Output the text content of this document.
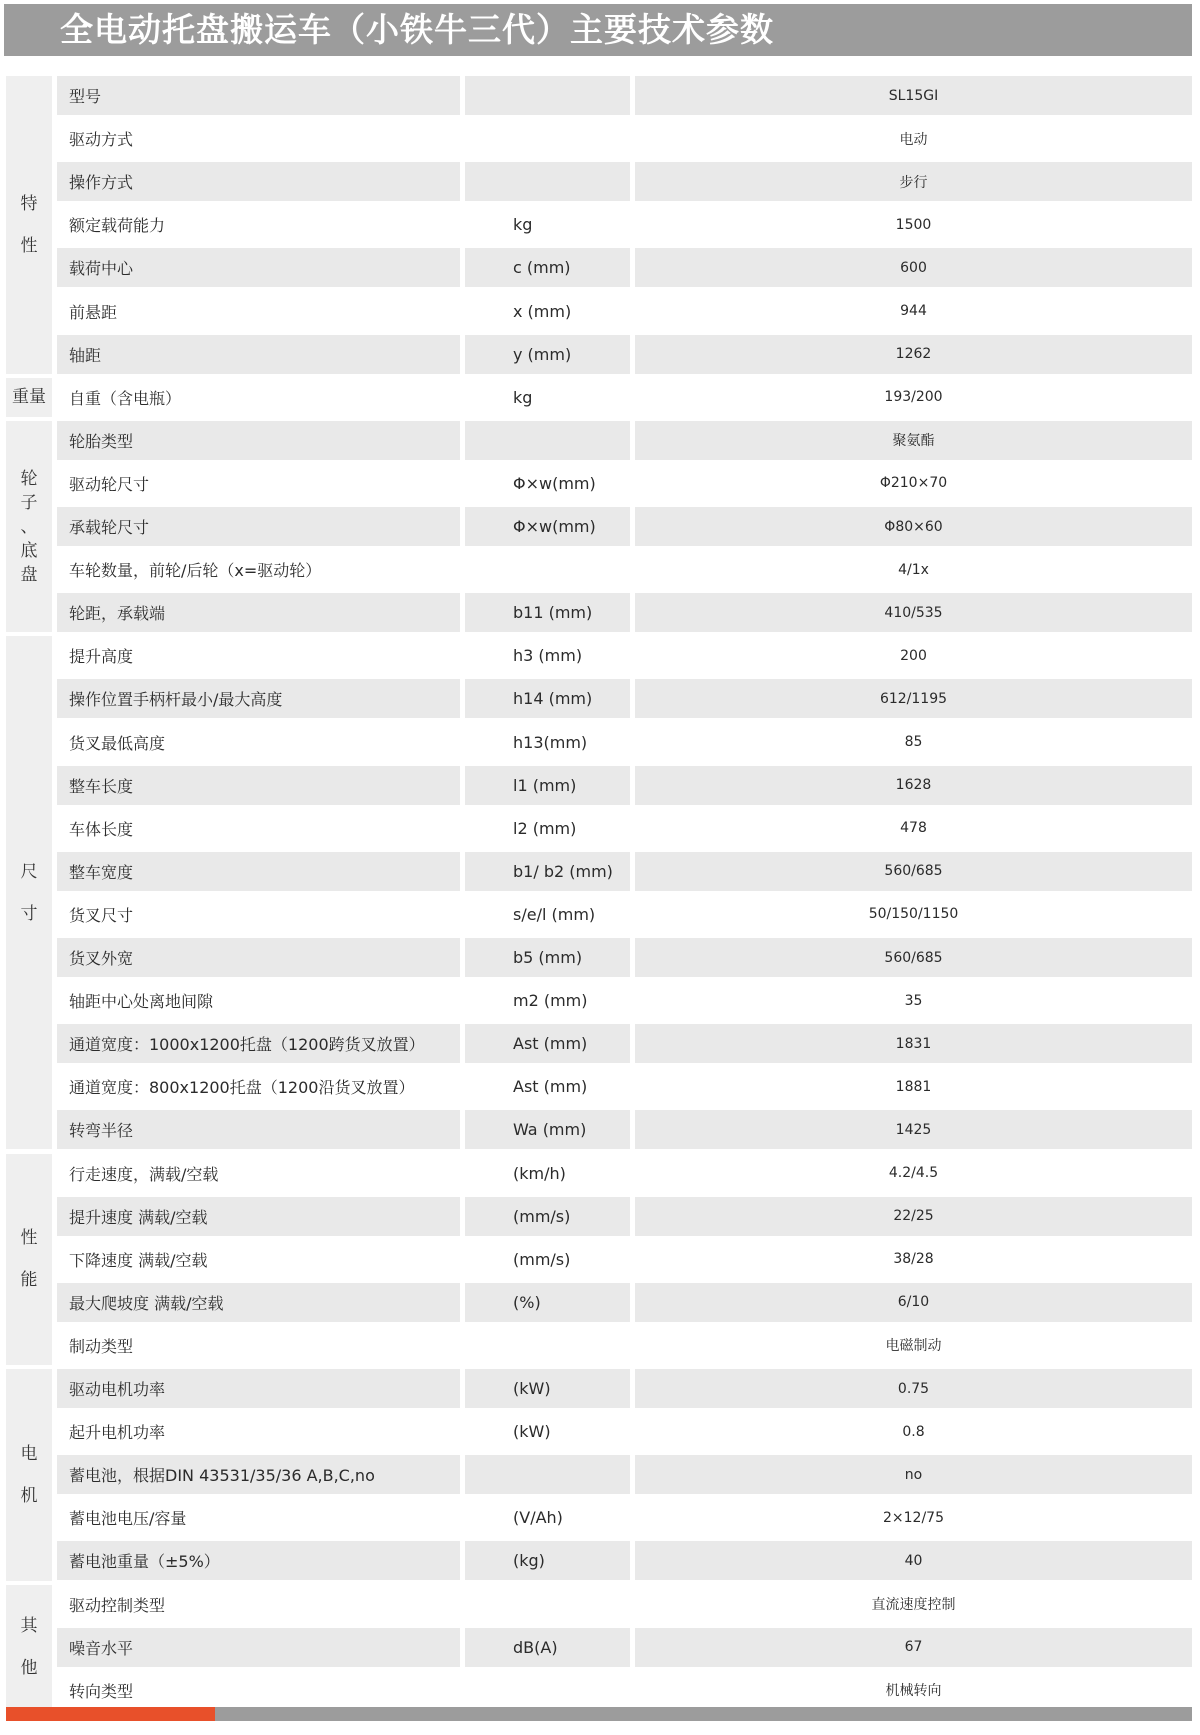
全电动托盘搬运车（小铁牛三代）主要技术参数
特
性
型号	SL15GI
驱动方式	电动
操作方式	步行
额定载荷能力	kg	1500
载荷中心	c (mm)	600
前悬距	x (mm)	944
轴距	y (mm)	1262
重量	自重（含电瓶）	kg	193/200
轮
子
、
底
盘
轮胎类型	聚氨酯
驱动轮尺寸	Φ×w(mm)	Φ210×70
承载轮尺寸	Φ×w(mm)	Φ80×60
车轮数量，前轮/后轮（x=驱动轮）	4/1x
轮距，承载端	b11 (mm)	410/535
尺
寸
提升高度	h3 (mm)	200
操作位置手柄杆最小/最大高度	h14 (mm)	612/1195
货叉最低高度	h13(mm)	85
整车长度	l1 (mm)	1628
车体长度	l2 (mm)	478
整车宽度	b1/ b2 (mm)	560/685
货叉尺寸	s/e/l (mm)	50/150/1150
货叉外宽	b5 (mm)	560/685
轴距中心处离地间隙	m2 (mm)	35
通道宽度：1000x1200托盘（1200跨货叉放置）	Ast (mm)	1831
通道宽度：800x1200托盘（1200沿货叉放置）	Ast (mm)	1881
转弯半径	Wa (mm)	1425
性
能
行走速度，满载/空载	(km/h)	4.2/4.5
提升速度 满载/空载	(mm/s)	22/25
下降速度 满载/空载	(mm/s)	38/28
最大爬坡度 满载/空载	(%)	6/10
制动类型	电磁制动
电
机
驱动电机功率	(kW)	0.75
起升电机功率	(kW)	0.8
蓄电池，根据DIN 43531/35/36 A,B,C,no	no
蓄电池电压/容量	(V/Ah)	2×12/75
蓄电池重量（±5%）	(kg)	40
其
他
驱动控制类型	直流速度控制
噪音水平	dB(A)	67
转向类型	机械转向
